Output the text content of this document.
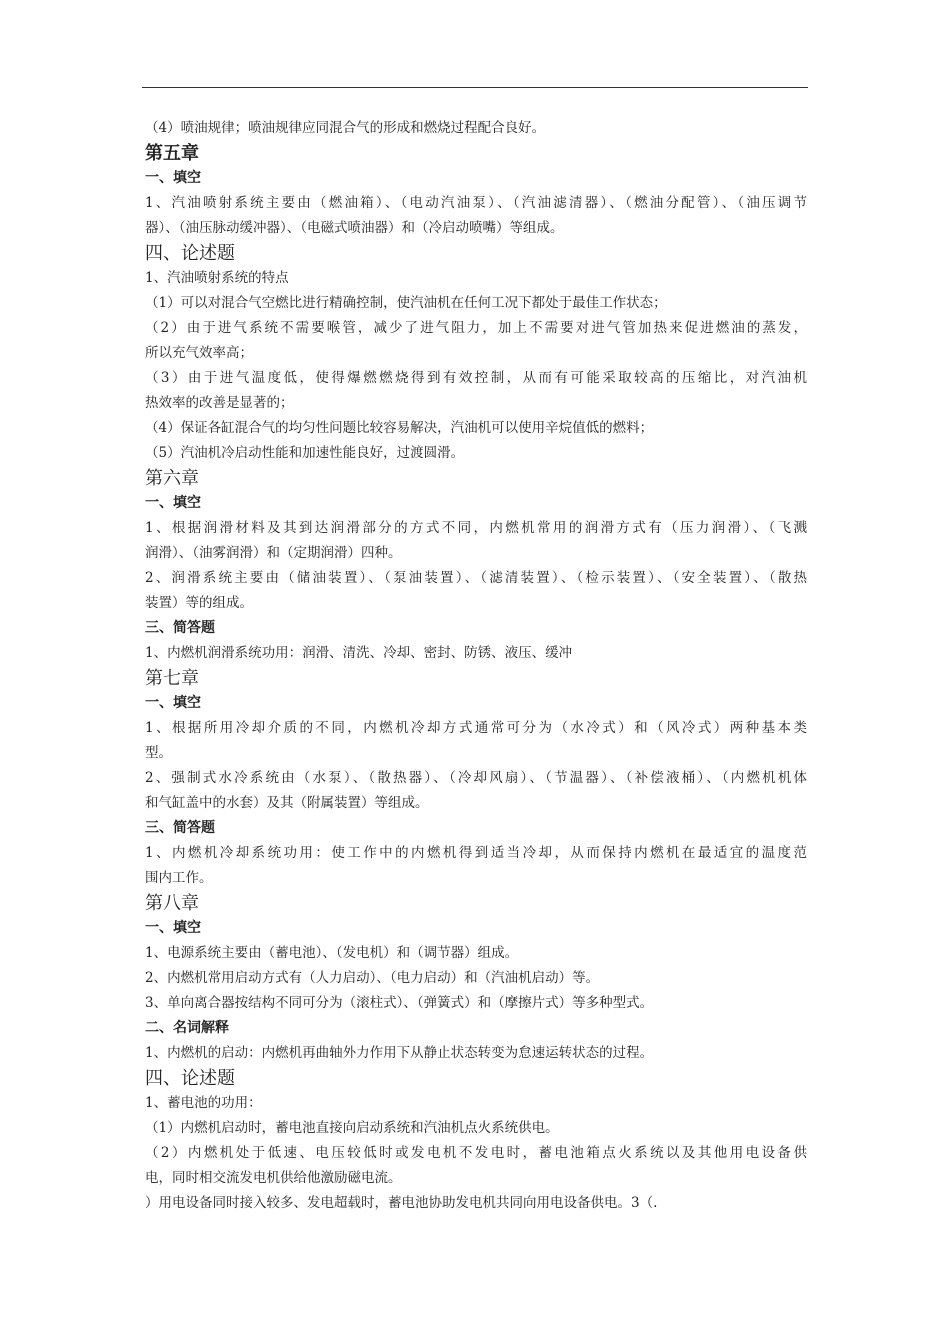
（4）喷油规律；喷油规律应同混合气的形成和燃烧过程配合良好。
第五章
一、填空
1、汽油喷射系统主要由（燃油箱）、（电动汽油泵）、（汽油滤清器）、（燃油分配管）、（油压调节
器）、（油压脉动缓冲器）、（电磁式喷油器）和（冷启动喷嘴）等组成。
四、论述题
1、汽油喷射系统的特点
（1）可以对混合气空燃比进行精确控制，使汽油机在任何工况下都处于最佳工作状态；
（2）由于进气系统不需要喉管，减少了进气阻力，加上不需要对进气管加热来促进燃油的蒸发，
所以充气效率高；
（3）由于进气温度低，使得爆燃燃烧得到有效控制，从而有可能采取较高的压缩比，对汽油机
热效率的改善是显著的；
（4）保证各缸混合气的均匀性问题比较容易解决，汽油机可以使用辛烷值低的燃料；
（5）汽油机冷启动性能和加速性能良好，过渡圆滑。
第六章
一、填空
1、根据润滑材料及其到达润滑部分的方式不同，内燃机常用的润滑方式有（压力润滑）、（飞溅
润滑）、（油雾润滑）和（定期润滑）四种。
2、润滑系统主要由（储油装置）、（泵油装置）、（滤清装置）、（检示装置）、（安全装置）、（散热
装置）等的组成。
三、简答题
1、内燃机润滑系统功用：润滑、清洗、冷却、密封、防锈、液压、缓冲
第七章
一、填空
1、根据所用冷却介质的不同，内燃机冷却方式通常可分为（水冷式）和（风冷式）两种基本类
型。
2、强制式水冷系统由（水泵）、（散热器）、（冷却风扇）、（节温器）、（补偿液桶）、（内燃机机体
和气缸盖中的水套）及其（附属装置）等组成。
三、简答题
1、内燃机冷却系统功用：使工作中的内燃机得到适当冷却，从而保持内燃机在最适宜的温度范
围内工作。
第八章
一、填空
1、电源系统主要由（蓄电池）、（发电机）和（调节器）组成。
2、内燃机常用启动方式有（人力启动）、（电力启动）和（汽油机启动）等。
3、单向离合器按结构不同可分为（滚柱式）、（弹簧式）和（摩擦片式）等多种型式。
二、名词解释
1、内燃机的启动：内燃机再曲轴外力作用下从静止状态转变为怠速运转状态的过程。
四、论述题
1、蓄电池的功用：
（1）内燃机启动时，蓄电池直接向启动系统和汽油机点火系统供电。
（2）内燃机处于低速、电压较低时或发电机不发电时，蓄电池箱点火系统以及其他用电设备供
电，同时相交流发电机供给他激励磁电流。
）用电设备同时接入较多、发电超载时，蓄电池协助发电机共同向用电设备供电。3（.
